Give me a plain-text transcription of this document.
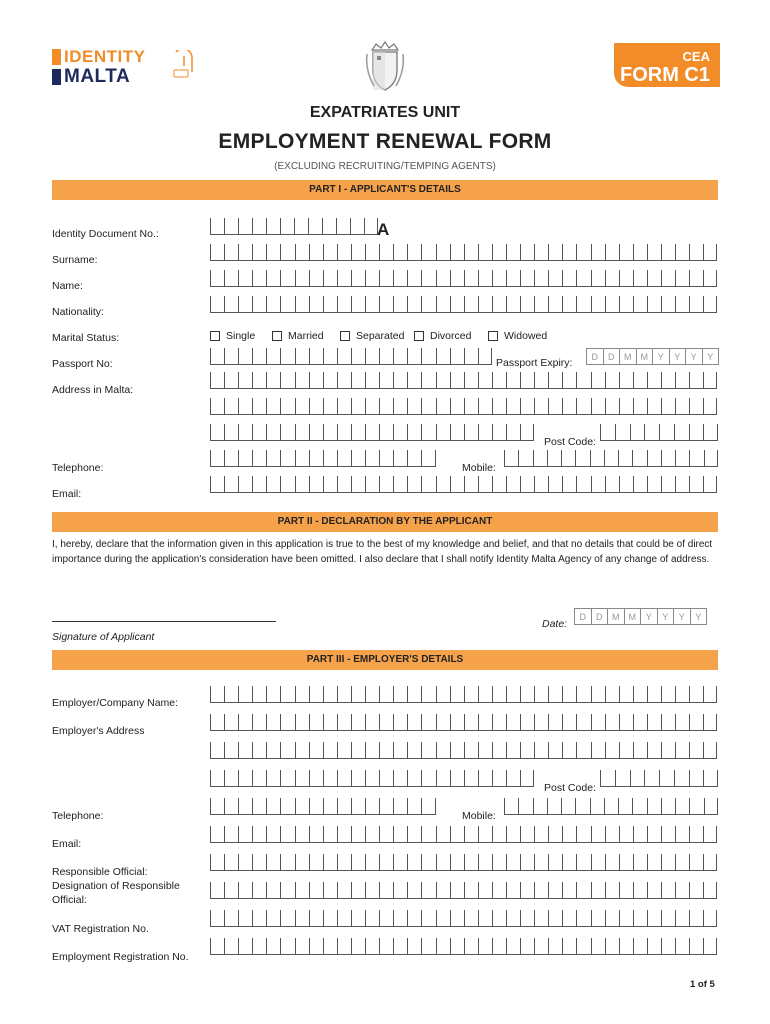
IDENTITY
MALTA
CEA
FORM C1
EXPATRIATES UNIT
EMPLOYMENT RENEWAL FORM
(EXCLUDING RECRUITING/TEMPING AGENTS)
PART I - APPLICANT'S DETAILS
Identity Document No.:	A
Surname:
Name:
Nationality:
Marital Status:	Single	Married	Separated Divorced	Widowed
Passport No:	Passport Expiry:	D	D	M	M	Y	Y	Y	Y
Address in Malta:
Post Code:
Telephone:	Mobile:
Email:
PART II - DECLARATION BY THE APPLICANT
I, hereby, declare that the information given in this application is true to the best of my knowledge and belief, and that no details that could be of direct importance during the application's consideration have been omitted. I also declare that I shall notify Identity Malta Agency of any change of address.
Signature of Applicant
Date:
D	D	M	M	Y	Y	Y	Y
PART III - EMPLOYER'S DETAILS
Employer/Company Name:
Employer's Address
Post Code:
Telephone:	Mobile:
Email:
Responsible Official:
Designation of Responsible
Official:
VAT Registration No.
Employment Registration No.
1 of 5
